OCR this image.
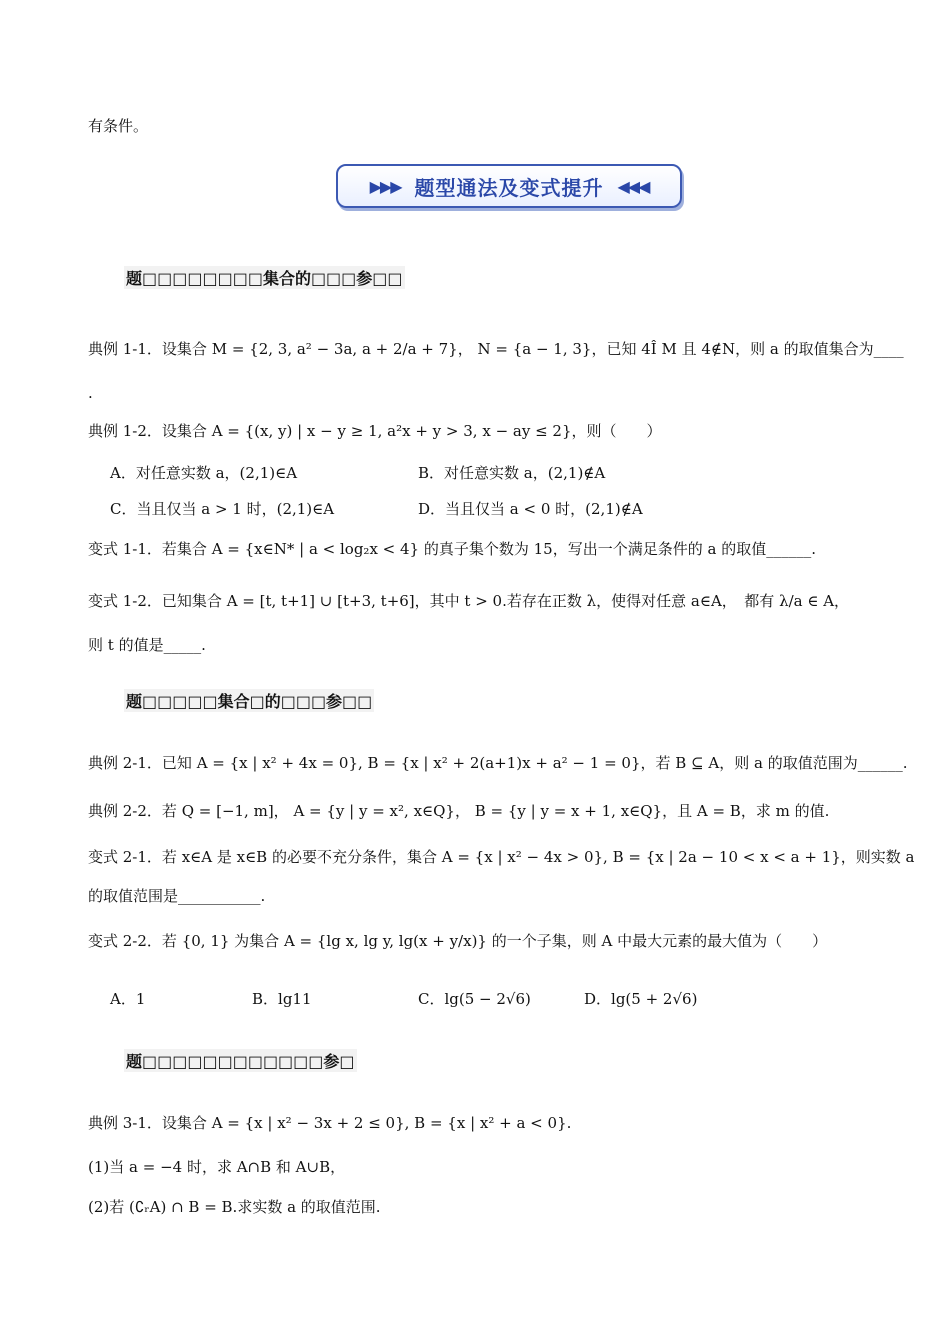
有条件。
▶▶▶ 题型通法及变式提升 ◀◀◀
题□□□□□□□□集合的□□□参□□
典例 1-1．设集合 M = {2, 3, a² − 3a, a + 2/a + 7}， N = {a − 1, 3}，已知 4Î M 且 4∉N，则 a 的取值集合为____
.
典例 1-2．设集合 A = {(x, y) | x − y ≥ 1, a²x + y > 3, x − ay ≤ 2}，则（　　）
A．对任意实数 a，(2,1)∈A	B．对任意实数 a，(2,1)∉A
C．当且仅当 a > 1 时，(2,1)∈A	D．当且仅当 a < 0 时，(2,1)∉A
变式 1-1．若集合 A = {x∈N* | a < log₂x < 4} 的真子集个数为 15，写出一个满足条件的 a 的取值______.
变式 1-2．已知集合 A = [t, t+1] ∪ [t+3, t+6]，其中 t > 0.若存在正数 λ，使得对任意 a∈A，　都有 λ/a ∈ A，
则 t 的值是_____.
题□□□□□集合□的□□□参□□
典例 2-1．已知 A = {x | x² + 4x = 0}, B = {x | x² + 2(a+1)x + a² − 1 = 0}，若 B ⊆ A，则 a 的取值范围为______.
典例 2-2．若 Q = [−1, m]， A = {y | y = x², x∈Q}， B = {y | y = x + 1, x∈Q}，且 A = B，求 m 的值.
变式 2-1．若 x∈A 是 x∈B 的必要不充分条件，集合 A = {x | x² − 4x > 0}, B = {x | 2a − 10 < x < a + 1}，则实数 a
的取值范围是___________.
变式 2-2．若 {0, 1} 为集合 A = {lg x, lg y, lg(x + y/x)} 的一个子集，则 A 中最大元素的最大值为（　　）
A．1	B．lg11	C．lg(5 − 2√6)	D．lg(5 + 2√6)
题□□□□□□□□□□□□参□
典例 3-1．设集合 A = {x | x² − 3x + 2 ≤ 0}, B = {x | x² + a < 0}.
(1)当 a = −4 时，求 A∩B 和 A∪B，
(2)若 (∁ᵣA) ∩ B = B.求实数 a 的取值范围.
